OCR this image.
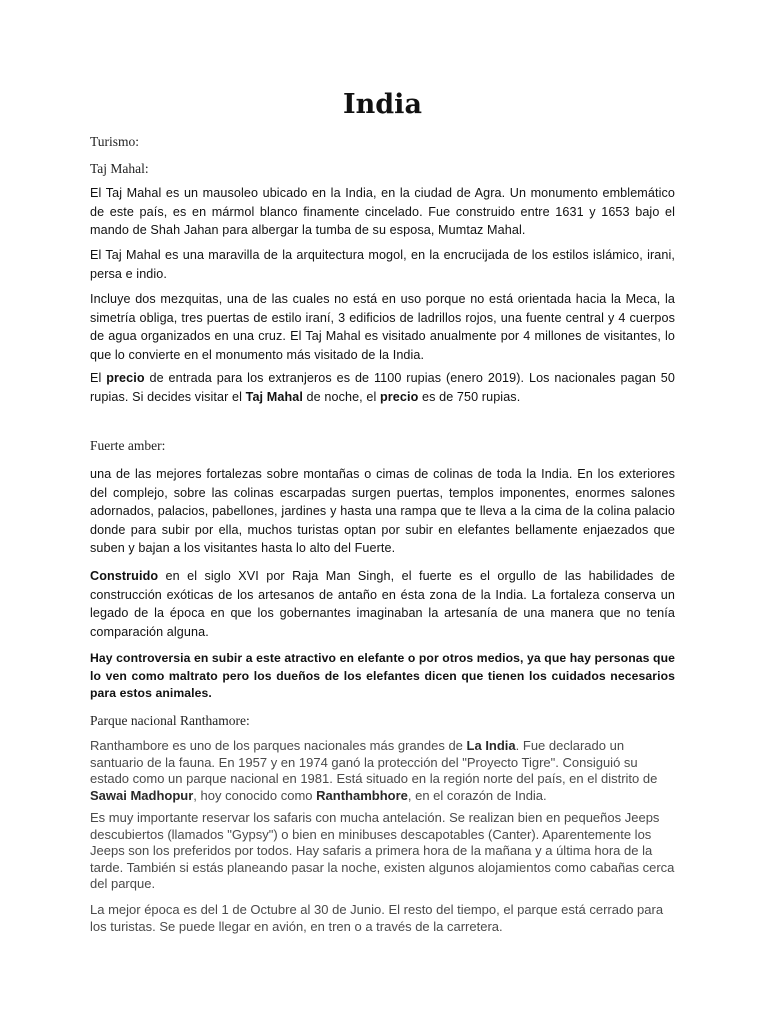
India

Turismo:

Taj Mahal:

El Taj Mahal es un mausoleo ubicado en la India, en la ciudad de Agra. Un monumento emblemático de este país, es en mármol blanco finamente cincelado. Fue construido entre 1631 y 1653 bajo el mando de Shah Jahan para albergar la tumba de su esposa, Mumtaz Mahal.

El Taj Mahal es una maravilla de la arquitectura mogol, en la encrucijada de los estilos islámico, irani, persa e indio.

Incluye dos mezquitas, una de las cuales no está en uso porque no está orientada hacia la Meca, la simetría obliga, tres puertas de estilo iraní, 3 edificios de ladrillos rojos, una fuente central y 4 cuerpos de agua organizados en una cruz. El Taj Mahal es visitado anualmente por 4 millones de visitantes, lo que lo convierte en el monumento más visitado de la India.

El precio de entrada para los extranjeros es de 1100 rupias (enero 2019). Los nacionales pagan 50 rupias. Si decides visitar el Taj Mahal de noche, el precio es de 750 rupias.

Fuerte amber:

una de las mejores fortalezas sobre montañas o cimas de colinas de toda la India. En los exteriores del complejo, sobre las colinas escarpadas surgen puertas, templos imponentes, enormes salones adornados, palacios, pabellones, jardines y hasta una rampa que te lleva a la cima de la colina palacio donde para subir por ella, muchos turistas optan por subir en elefantes bellamente enjaezados que suben y bajan a los visitantes hasta lo alto del Fuerte.

Construido en el siglo XVI por Raja Man Singh, el fuerte es el orgullo de las habilidades de construcción exóticas de los artesanos de antaño en ésta zona de la India. La fortaleza conserva un legado de la época en que los gobernantes imaginaban la artesanía de una manera que no tenía comparación alguna.

Hay controversia en subir a este atractivo en elefante o por otros medios, ya que hay personas que lo ven como maltrato pero los dueños de los elefantes dicen que tienen los cuidados necesarios para estos animales.

Parque nacional Ranthamore:

Ranthambore es uno de los parques nacionales más grandes de La India. Fue declarado un santuario de la fauna. En 1957 y en 1974 ganó la protección del "Proyecto Tigre". Consiguió su estado como un parque nacional en 1981. Está situado en la región norte del país, en el distrito de Sawai Madhopur, hoy conocido como Ranthambhore, en el corazón de India.

Es muy importante reservar los safaris con mucha antelación. Se realizan bien en pequeños Jeeps descubiertos (llamados "Gypsy") o bien en minibuses descapotables (Canter). Aparentemente los Jeeps son los preferidos por todos. Hay safaris a primera hora de la mañana y a última hora de la tarde. También si estás planeando pasar la noche, existen algunos alojamientos como cabañas cerca del parque.

La mejor época es del 1 de Octubre al 30 de Junio. El resto del tiempo, el parque está cerrado para los turistas. Se puede llegar en avión, en tren o a través de la carretera.
